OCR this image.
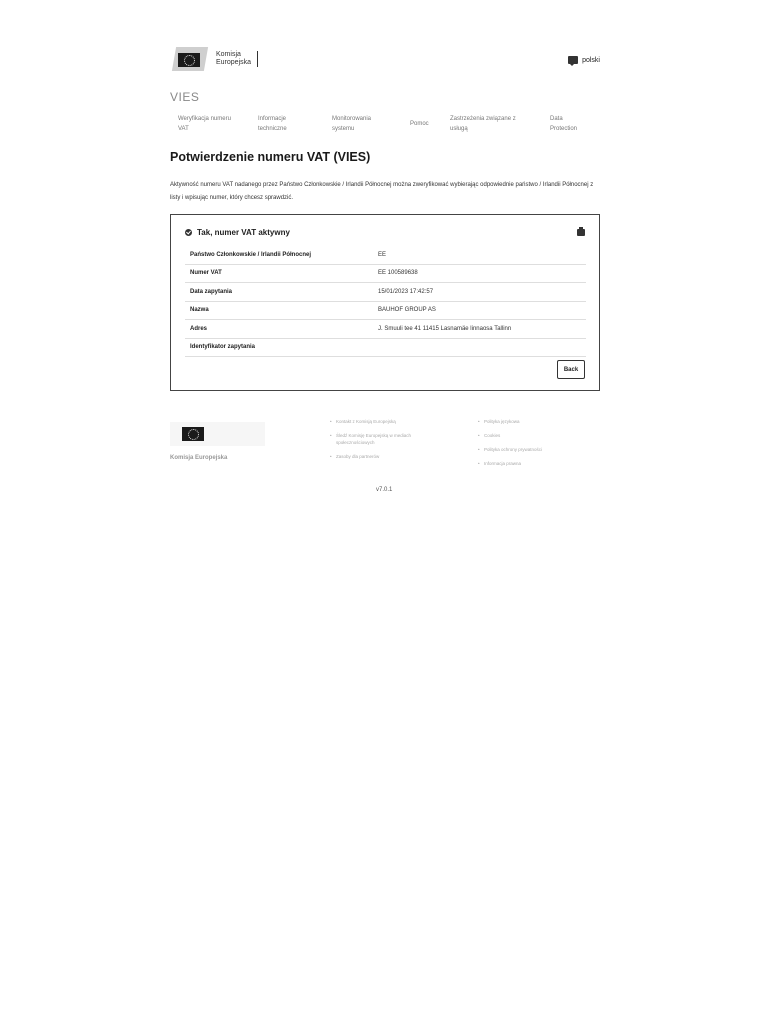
Komisja
Europejska	polski
VIES
Weryfikacja numeru
VAT
Informacje
techniczne
Monitorowania
systemu
Pomoc
Zastrzeżenia związane z
usługą
Data
Protection
Potwierdzenie numeru VAT (VIES)

Aktywność numeru VAT nadanego przez Państwo Członkowskie / Irlandii Północnej można zweryfikować wybierając odpowiednie państwo / Irlandii Północnej z listy i wpisując numer, który chcesz sprawdzić.

Tak, numer VAT aktywny
Państwo Członkowskie / Irlandii Północnej	EE
Numer VAT	EE 100589638
Data zapytania	15/01/2023 17:42:57
Nazwa	BAUHOF GROUP AS
Adres	J. Smuuli tee 41 11415 Lasnamäe linnaosa Tallinn
Identyfikator zapytania
Back
Komisja Europejska
• Kontakt z Komisją Europejską
• Śledź Komisję Europejską w mediach społecznościowych
• Zasoby dla partnerów
• Polityka językowa
• Cookies
• Polityka ochrony prywatności
• Informacja prawna
v7.0.1
